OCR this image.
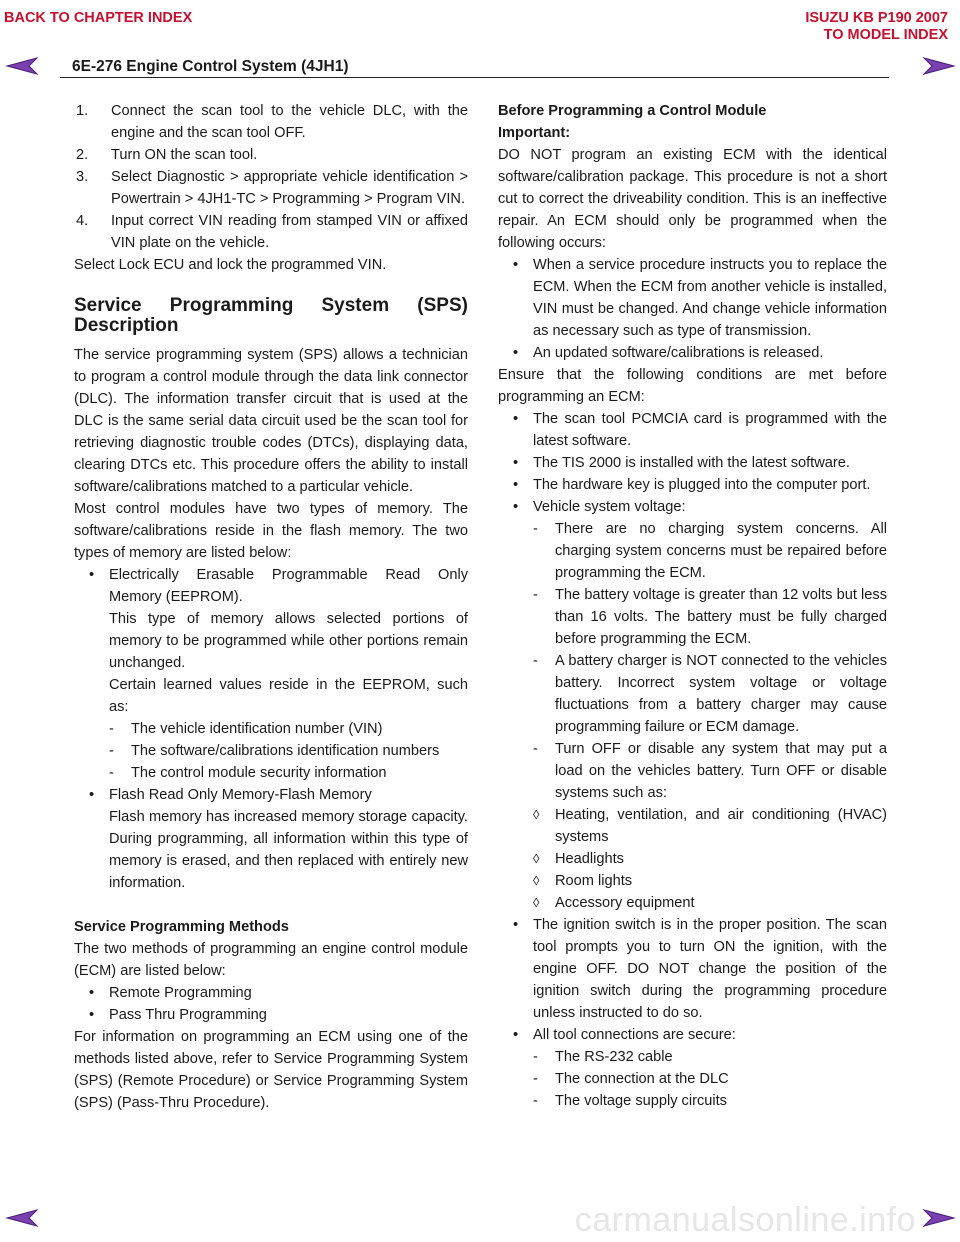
BACK TO CHAPTER INDEX	ISUZU KB P190 2007
TO MODEL INDEX
6E-276 Engine Control System (4JH1)
1.	Connect the scan tool to the vehicle DLC, with the engine and the scan tool OFF.
2.	Turn ON the scan tool.
3.	Select Diagnostic > appropriate vehicle identification > Powertrain > 4JH1-TC > Programming > Program VIN.
4.	Input correct VIN reading from stamped VIN or affixed VIN plate on the vehicle.

Select Lock ECU and lock the programmed VIN.

Service Programming System (SPS)
Description

The service programming system (SPS) allows a technician to program a control module through the data link connector (DLC). The information transfer circuit that is used at the DLC is the same serial data circuit used be the scan tool for retrieving diagnostic trouble codes (DTCs), displaying data, clearing DTCs etc. This procedure offers the ability to install software/calibrations matched to a particular vehicle.

Most control modules have two types of memory. The software/calibrations reside in the flash memory. The two types of memory are listed below:

•	Electrically Erasable Programmable Read Only Memory (EEPROM).
This type of memory allows selected portions of memory to be programmed while other portions remain unchanged.
Certain learned values reside in the EEPROM, such as:
-	The vehicle identification number (VIN)
-	The software/calibrations identification numbers
-	The control module security information
•	Flash Read Only Memory-Flash Memory
Flash memory has increased memory storage capacity. During programming, all information within this type of memory is erased, and then replaced with entirely new information.
Service Programming Methods

The two methods of programming an engine control module (ECM) are listed below:

•	Remote Programming
•	Pass Thru Programming

For information on programming an ECM using one of the methods listed above, refer to Service Programming System (SPS) (Remote Procedure) or Service Programming System (SPS) (Pass-Thru Procedure).

Before Programming a Control Module
Important:

DO NOT program an existing ECM with the identical software/calibration package. This procedure is not a short cut to correct the driveability condition. This is an ineffective repair. An ECM should only be programmed when the following occurs:

•	When a service procedure instructs you to replace the ECM. When the ECM from another vehicle is installed, VIN must be changed. And change vehicle information as necessary such as type of transmission.
•	An updated software/calibrations is released.

Ensure that the following conditions are met before programming an ECM:

•	The scan tool PCMCIA card is programmed with the latest software.
•	The TIS 2000 is installed with the latest software.
•	The hardware key is plugged into the computer port.
•	Vehicle system voltage:
-	There are no charging system concerns. All charging system concerns must be repaired before programming the ECM.
-	The battery voltage is greater than 12 volts but less than 16 volts. The battery must be fully charged before programming the ECM.
-	A battery charger is NOT connected to the vehicles battery. Incorrect system voltage or voltage fluctuations from a battery charger may cause programming failure or ECM damage.
-	Turn OFF or disable any system that may put a load on the vehicles battery. Turn OFF or disable systems such as:
◊	Heating, ventilation, and air conditioning (HVAC) systems
◊	Headlights
◊	Room lights
◊	Accessory equipment
•	The ignition switch is in the proper position. The scan tool prompts you to turn ON the ignition, with the engine OFF. DO NOT change the position of the ignition switch during the programming procedure unless instructed to do so.
•	All tool connections are secure:
-	The RS-232 cable
-	The connection at the DLC
-	The voltage supply circuits
carmanualsonline.info
